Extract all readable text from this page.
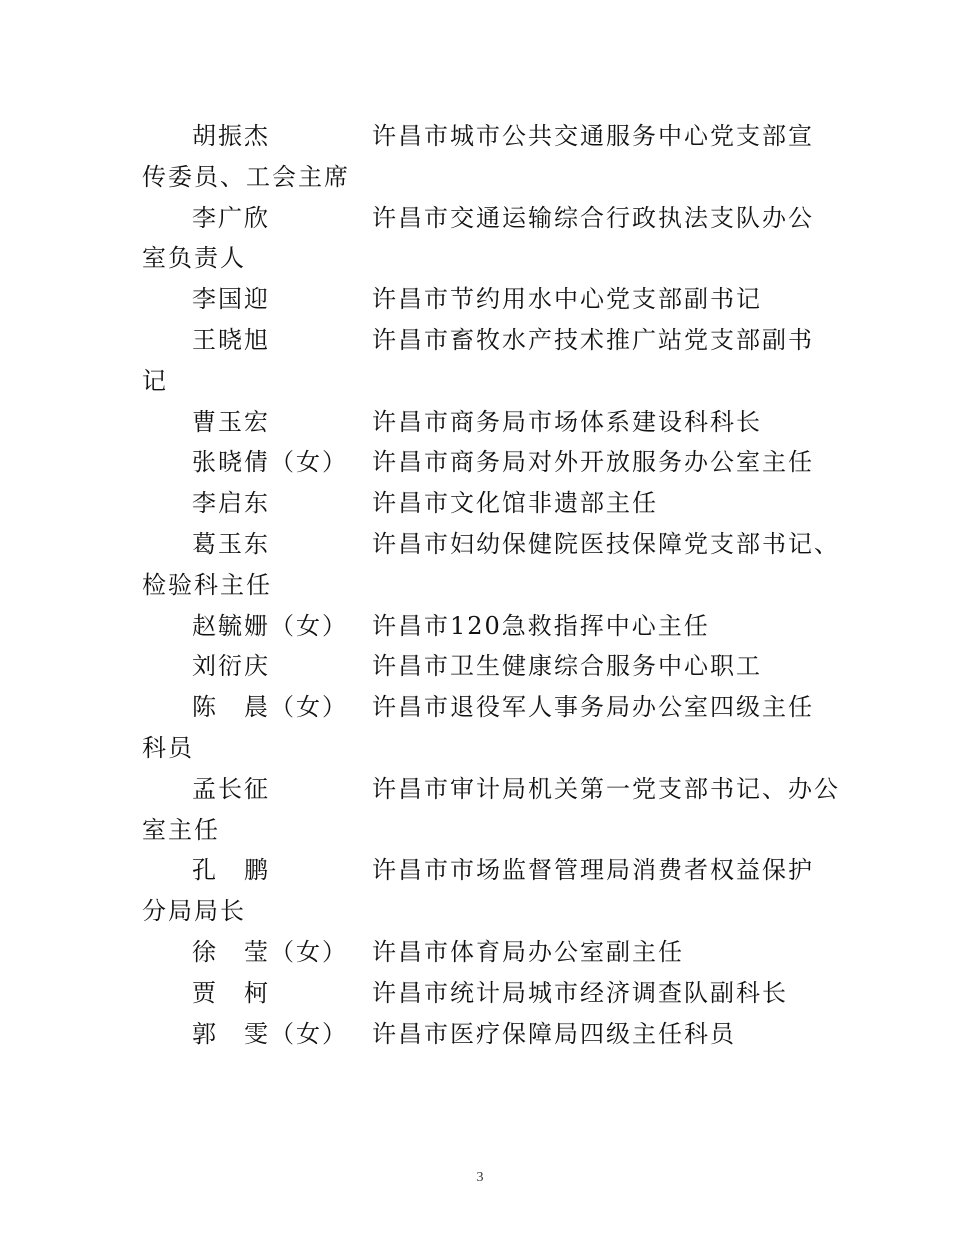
胡振杰	许昌市城市公共交通服务中心党支部宣
传委员、工会主席
李广欣	许昌市交通运输综合行政执法支队办公
室负责人
李国迎	许昌市节约用水中心党支部副书记
王晓旭	许昌市畜牧水产技术推广站党支部副书
记
曹玉宏	许昌市商务局市场体系建设科科长
张晓倩（女） 许昌市商务局对外开放服务办公室主任
李启东	许昌市文化馆非遗部主任
葛玉东	许昌市妇幼保健院医技保障党支部书记、
检验科主任
赵毓姗（女） 许昌市120急救指挥中心主任
刘衍庆	许昌市卫生健康综合服务中心职工
陈　晨（女） 许昌市退役军人事务局办公室四级主任
科员
孟长征	许昌市审计局机关第一党支部书记、办公
室主任
孔　鹏	许昌市市场监督管理局消费者权益保护
分局局长
徐　莹（女） 许昌市体育局办公室副主任
贾　柯	许昌市统计局城市经济调查队副科长
郭　雯（女） 许昌市医疗保障局四级主任科员
3
